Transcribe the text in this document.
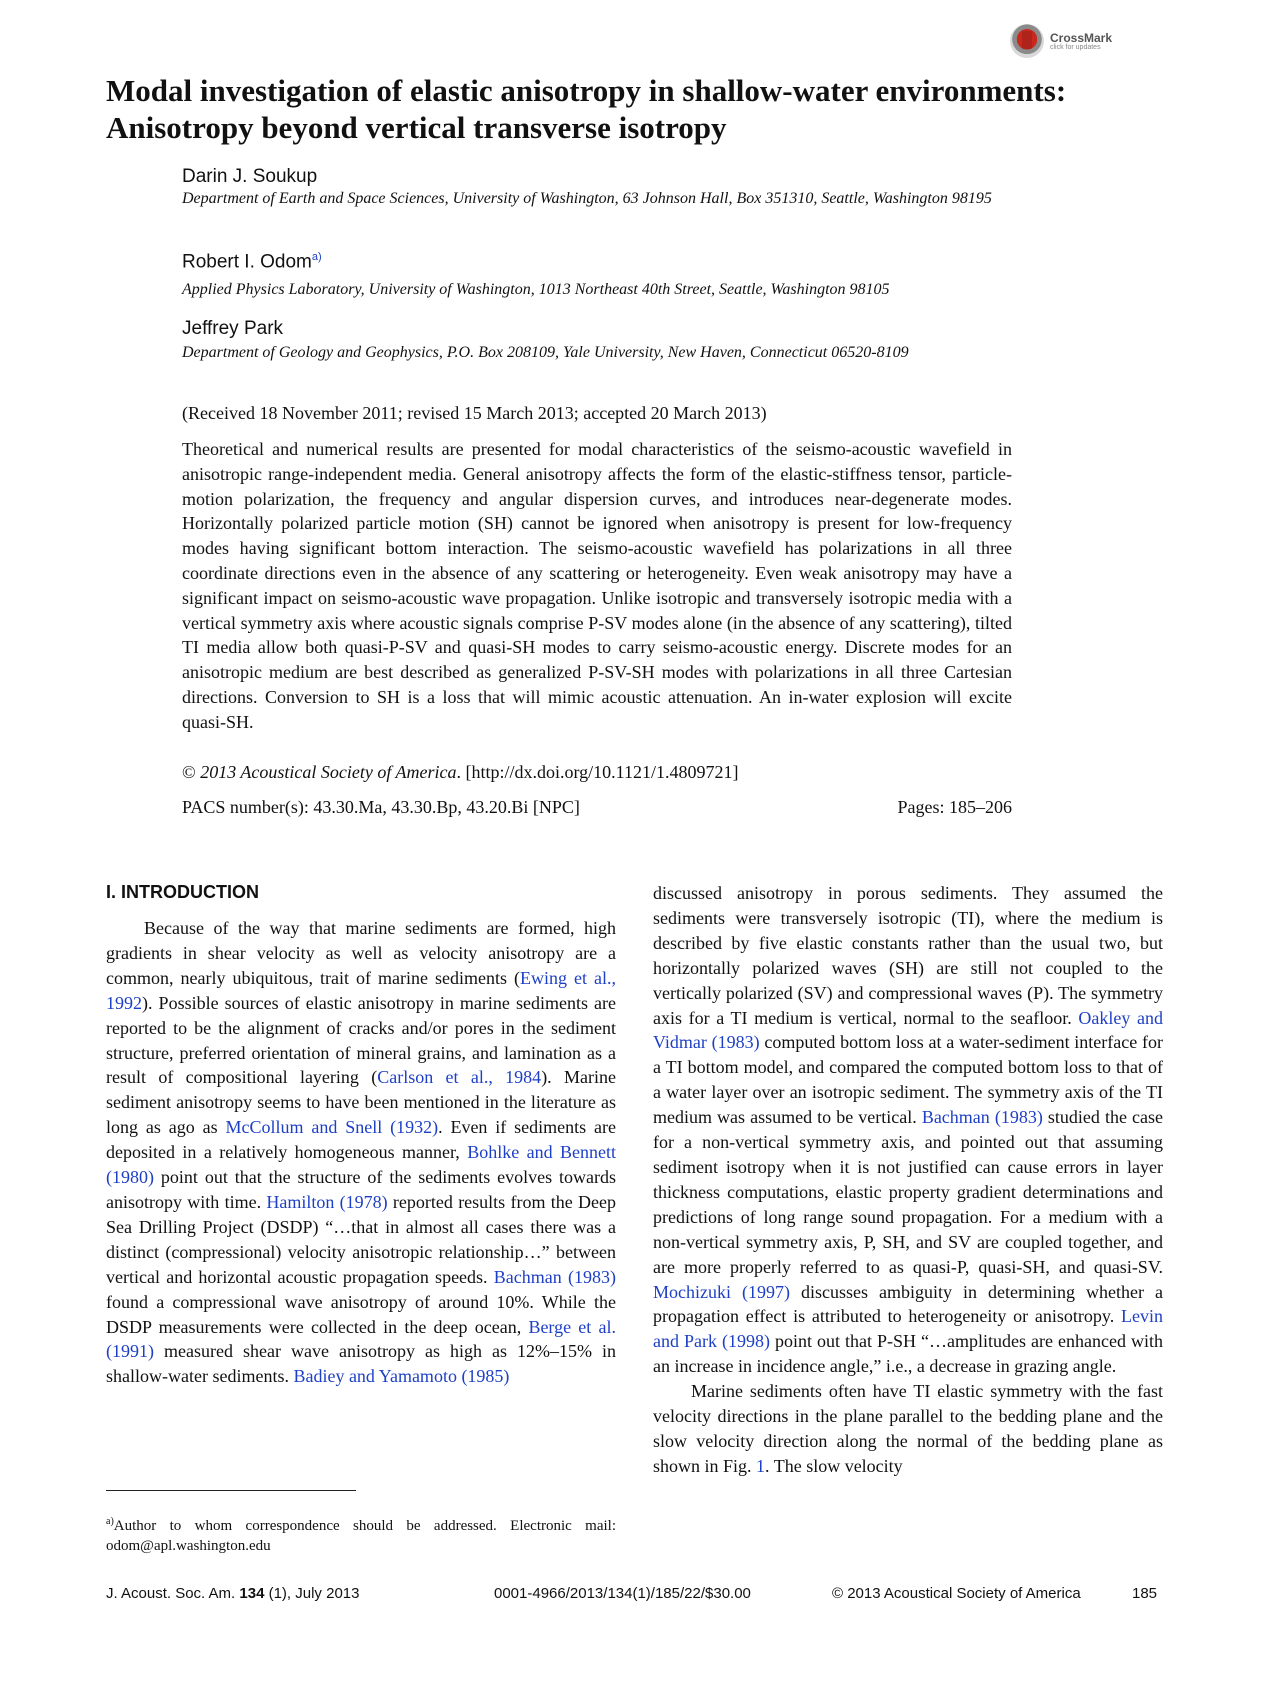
CrossMark
click for updates
Modal investigation of elastic anisotropy in shallow-water environments: Anisotropy beyond vertical transverse isotropy
Darin J. Soukup
Department of Earth and Space Sciences, University of Washington, 63 Johnson Hall, Box 351310, Seattle, Washington 98195
Robert I. Odom$^{a)}$
Applied Physics Laboratory, University of Washington, 1013 Northeast 40th Street, Seattle, Washington 98105
Jeffrey Park
Department of Geology and Geophysics, P.O. Box 208109, Yale University, New Haven, Connecticut 06520-8109
(Received 18 November 2011; revised 15 March 2013; accepted 20 March 2013)

Theoretical and numerical results are presented for modal characteristics of the seismo-acoustic wavefield in anisotropic range-independent media. General anisotropy affects the form of the elastic-stiffness tensor, particle-motion polarization, the frequency and angular dispersion curves, and introduces near-degenerate modes. Horizontally polarized particle motion (SH) cannot be ignored when anisotropy is present for low-frequency modes having significant bottom interaction. The seismo-acoustic wavefield has polarizations in all three coordinate directions even in the absence of any scattering or heterogeneity. Even weak anisotropy may have a significant impact on seismo-acoustic wave propagation. Unlike isotropic and transversely isotropic media with a vertical symmetry axis where acoustic signals comprise P-SV modes alone (in the absence of any scattering), tilted TI media allow both quasi-P-SV and quasi-SH modes to carry seismo-acoustic energy. Discrete modes for an anisotropic medium are best described as generalized P-SV-SH modes with polarizations in all three Cartesian directions. Conversion to SH is a loss that will mimic acoustic attenuation. An in-water explosion will excite quasi-SH.

© 2013 Acoustical Society of America. [http://dx.doi.org/10.1121/1.4809721]
PACS number(s): 43.30.Ma, 43.30.Bp, 43.20.Bi [NPC]	Pages: 185–206
I. INTRODUCTION

Because of the way that marine sediments are formed, high gradients in shear velocity as well as velocity anisotropy are a common, nearly ubiquitous, trait of marine sediments (Ewing et al., 1992). Possible sources of elastic anisotropy in marine sediments are reported to be the alignment of cracks and/or pores in the sediment structure, preferred orientation of mineral grains, and lamination as a result of compositional layering (Carlson et al., 1984). Marine sediment anisotropy seems to have been mentioned in the literature as long as ago as McCollum and Snell (1932). Even if sediments are deposited in a relatively homogeneous manner, Bohlke and Bennett (1980) point out that the structure of the sediments evolves towards anisotropy with time. Hamilton (1978) reported results from the Deep Sea Drilling Project (DSDP) “…that in almost all cases there was a distinct (compressional) velocity anisotropic relationship…” between vertical and horizontal acoustic propagation speeds. Bachman (1983) found a compressional wave anisotropy of around 10%. While the DSDP measurements were collected in the deep ocean, Berge et al. (1991) measured shear wave anisotropy as high as 12%–15% in shallow-water sediments. Badiey and Yamamoto (1985)

discussed anisotropy in porous sediments. They assumed the sediments were transversely isotropic (TI), where the medium is described by five elastic constants rather than the usual two, but horizontally polarized waves (SH) are still not coupled to the vertically polarized (SV) and compressional waves (P). The symmetry axis for a TI medium is vertical, normal to the seafloor. Oakley and Vidmar (1983) computed bottom loss at a water-sediment interface for a TI bottom model, and compared the computed bottom loss to that of a water layer over an isotropic sediment. The symmetry axis of the TI medium was assumed to be vertical. Bachman (1983) studied the case for a non-vertical symmetry axis, and pointed out that assuming sediment isotropy when it is not justified can cause errors in layer thickness computations, elastic property gradient determinations and predictions of long range sound propagation. For a medium with a non-vertical symmetry axis, P, SH, and SV are coupled together, and are more properly referred to as quasi-P, quasi-SH, and quasi-SV. Mochizuki (1997) discusses ambiguity in determining whether a propagation effect is attributed to heterogeneity or anisotropy. Levin and Park (1998) point out that P-SH “…amplitudes are enhanced with an increase in incidence angle,” i.e., a decrease in grazing angle.

Marine sediments often have TI elastic symmetry with the fast velocity directions in the plane parallel to the bedding plane and the slow velocity direction along the normal of the bedding plane as shown in Fig. 1. The slow velocity

$^{a)}$Author to whom correspondence should be addressed. Electronic mail: odom@apl.washington.edu

J. Acoust. Soc. Am. 134 (1), July 2013	0001-4966/2013/134(1)/185/22/$30.00	© 2013 Acoustical Society of America	185
